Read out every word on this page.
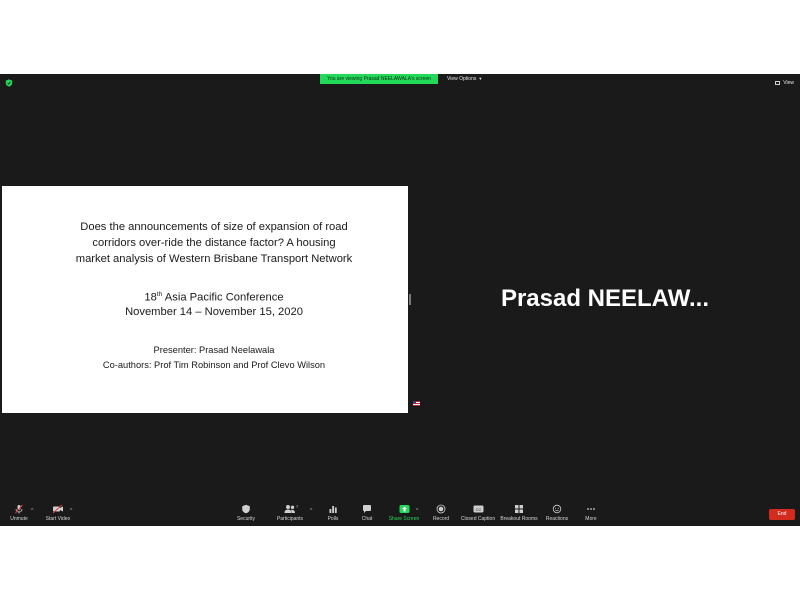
You are viewing Prasad NEELAWALA's screen	View Options ▼
View
Does the announcements of size of expansion of road
corridors over-ride the distance factor? A housing
market analysis of Western Brisbane Transport Network
18th Asia Pacific Conference
November 14 – November 15, 2020
Presenter: Prasad Neelawala
Co-authors: Prof Tim Robinson and Prof Clevo Wilson
Prasad NEELAW...
Unmute
^
Start Video
^
Security	Participants
7
^
Polls	Chat	Share Screen
^
Record
CC
Closed Caption Breakout Rooms	Reactions	More
End
